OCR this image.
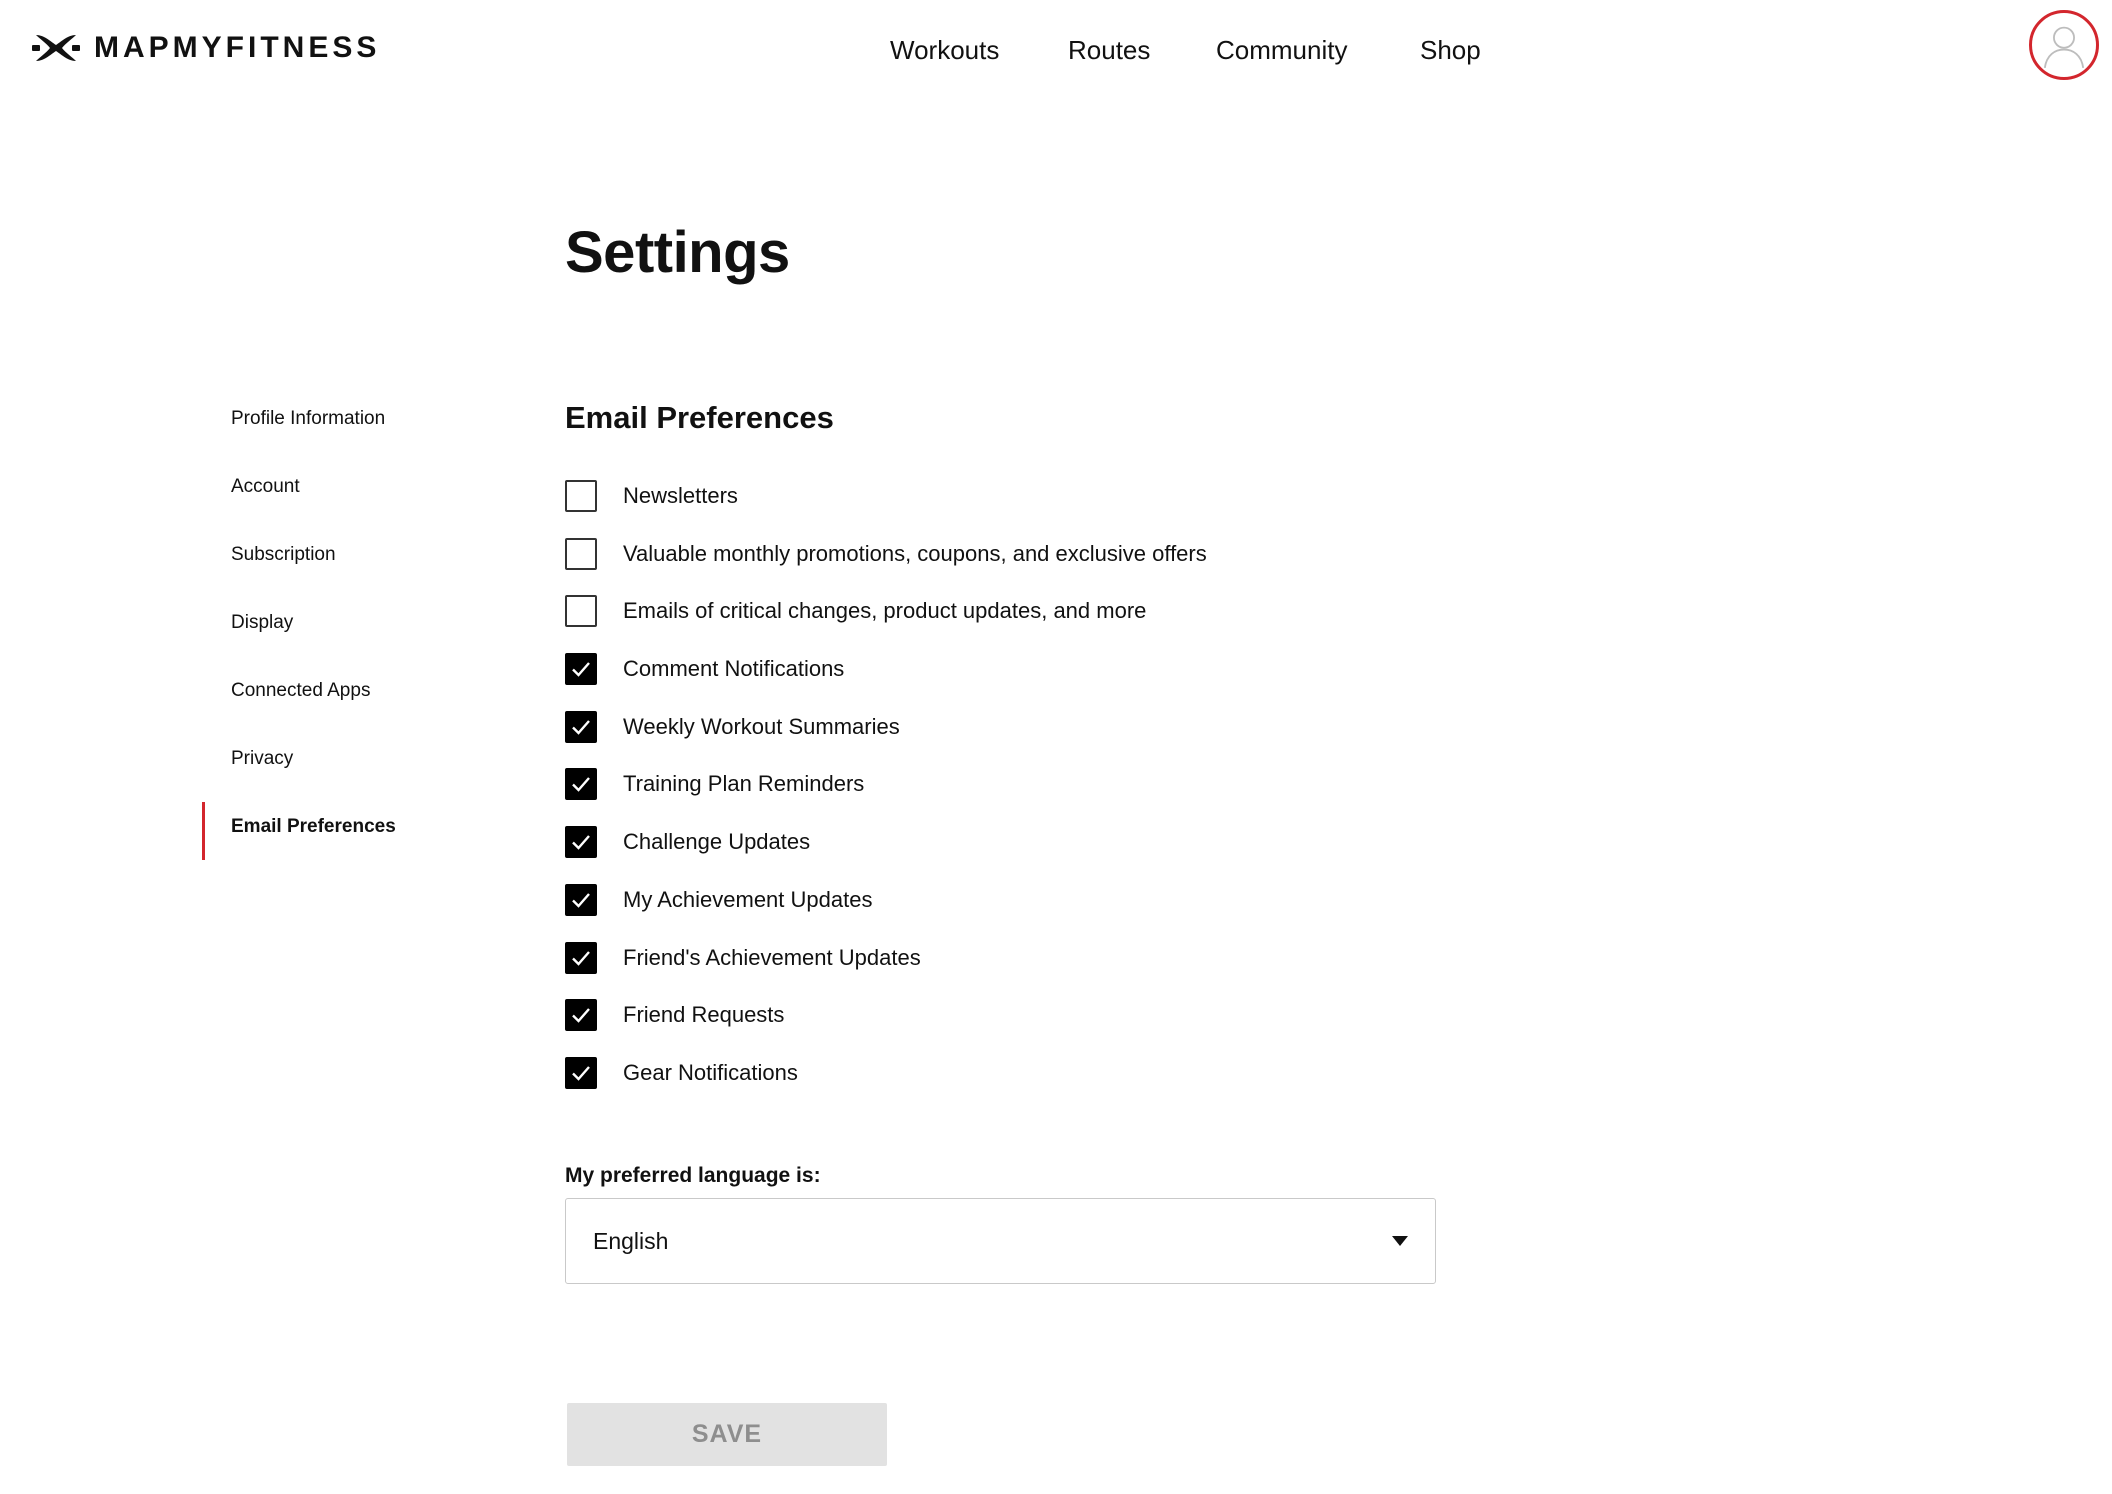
MAPMYFITNESS	Workouts	Routes	Community	Shop
Settings
Profile Information
Account
Subscription
Display
Connected Apps
Privacy
Email Preferences
Email Preferences
Newsletters
Valuable monthly promotions, coupons, and exclusive offers
Emails of critical changes, product updates, and more
Comment Notifications
Weekly Workout Summaries
Training Plan Reminders
Challenge Updates
My Achievement Updates
Friend's Achievement Updates
Friend Requests
Gear Notifications
My preferred language is:
English
SAVE
